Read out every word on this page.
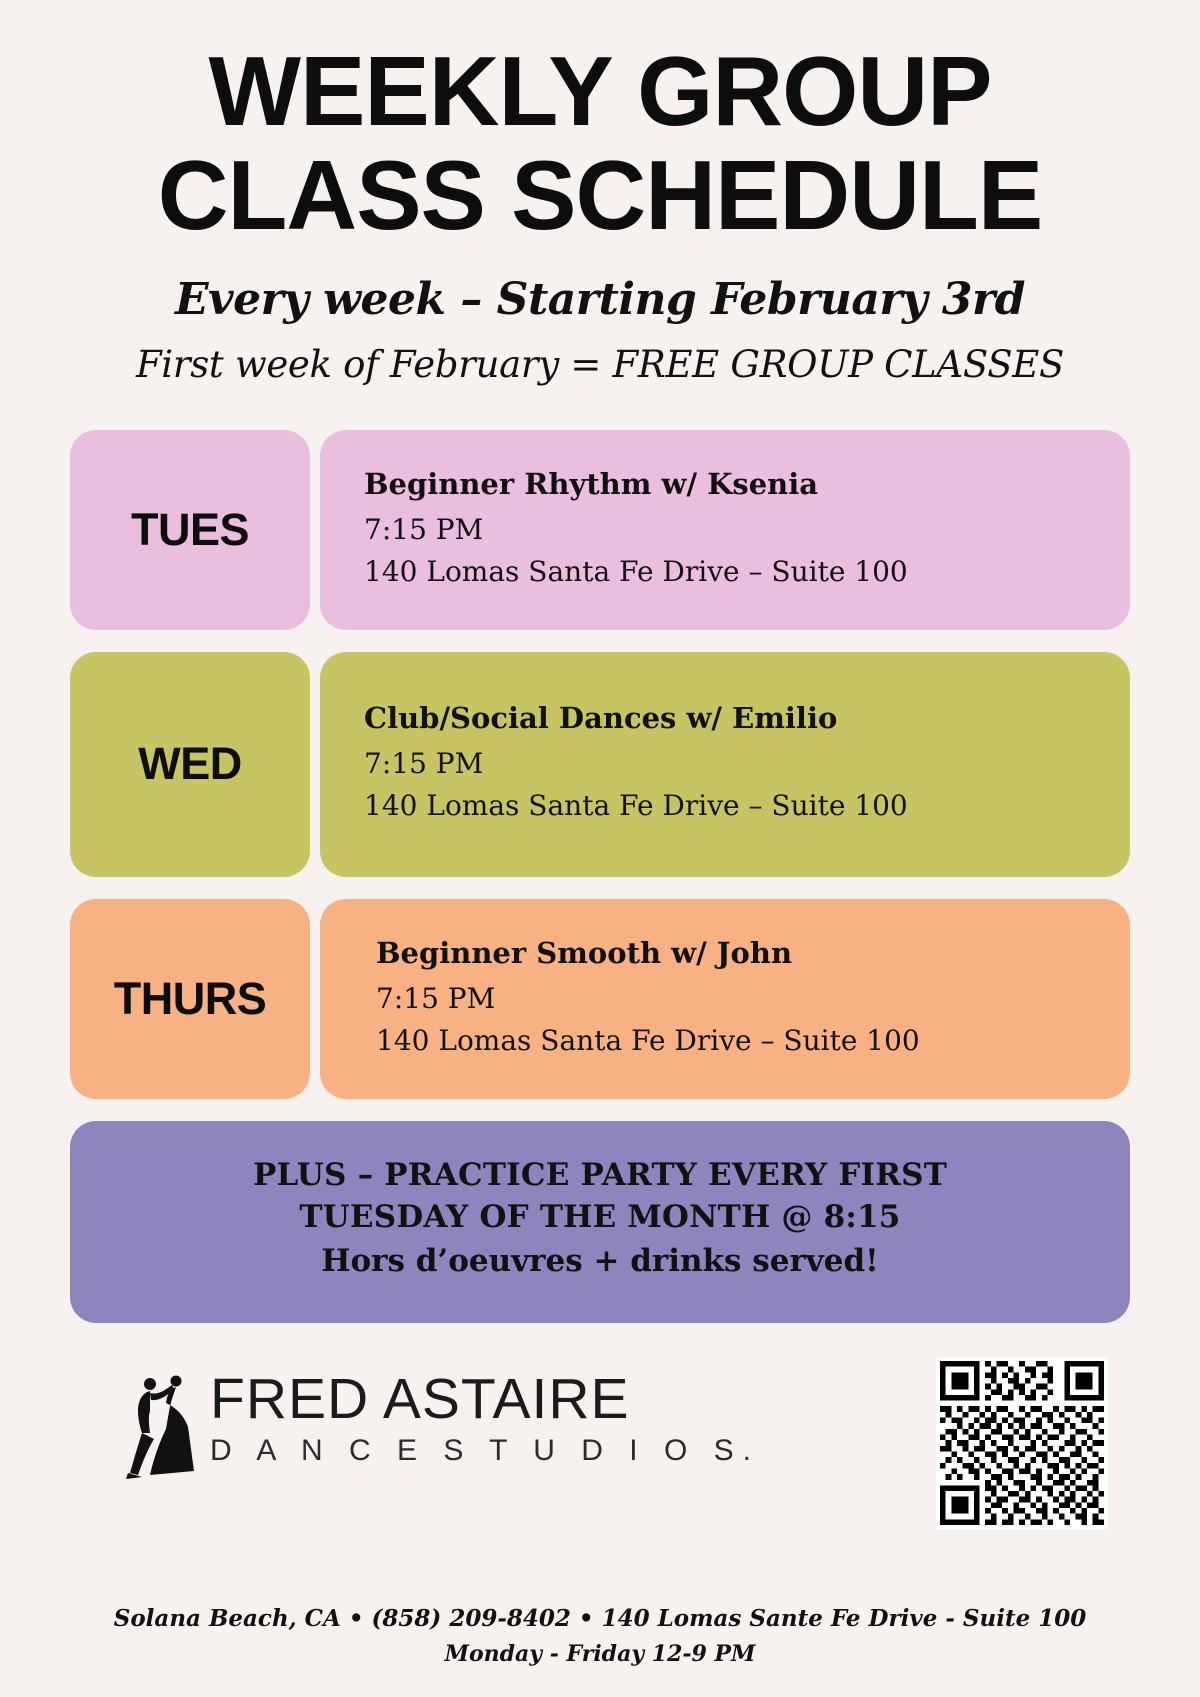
WEEKLY GROUP
CLASS SCHEDULE
Every week – Starting February 3rd
First week of February = FREE GROUP CLASSES
TUES
Beginner Rhythm w/ Ksenia
7:15 PM
140 Lomas Santa Fe Drive – Suite 100
WED
Club/Social Dances w/ Emilio
7:15 PM
140 Lomas Santa Fe Drive – Suite 100
THURS
Beginner Smooth w/ John
7:15 PM
140 Lomas Santa Fe Drive – Suite 100
PLUS – PRACTICE PARTY EVERY FIRST
TUESDAY OF THE MONTH @ 8:15
Hors d’oeuvres + drinks served!
FRED ASTAIRE
D A N C E S T U D I O S.
Solana Beach, CA • (858) 209-8402 • 140 Lomas Sante Fe Drive - Suite 100
Monday - Friday 12-9 PM
